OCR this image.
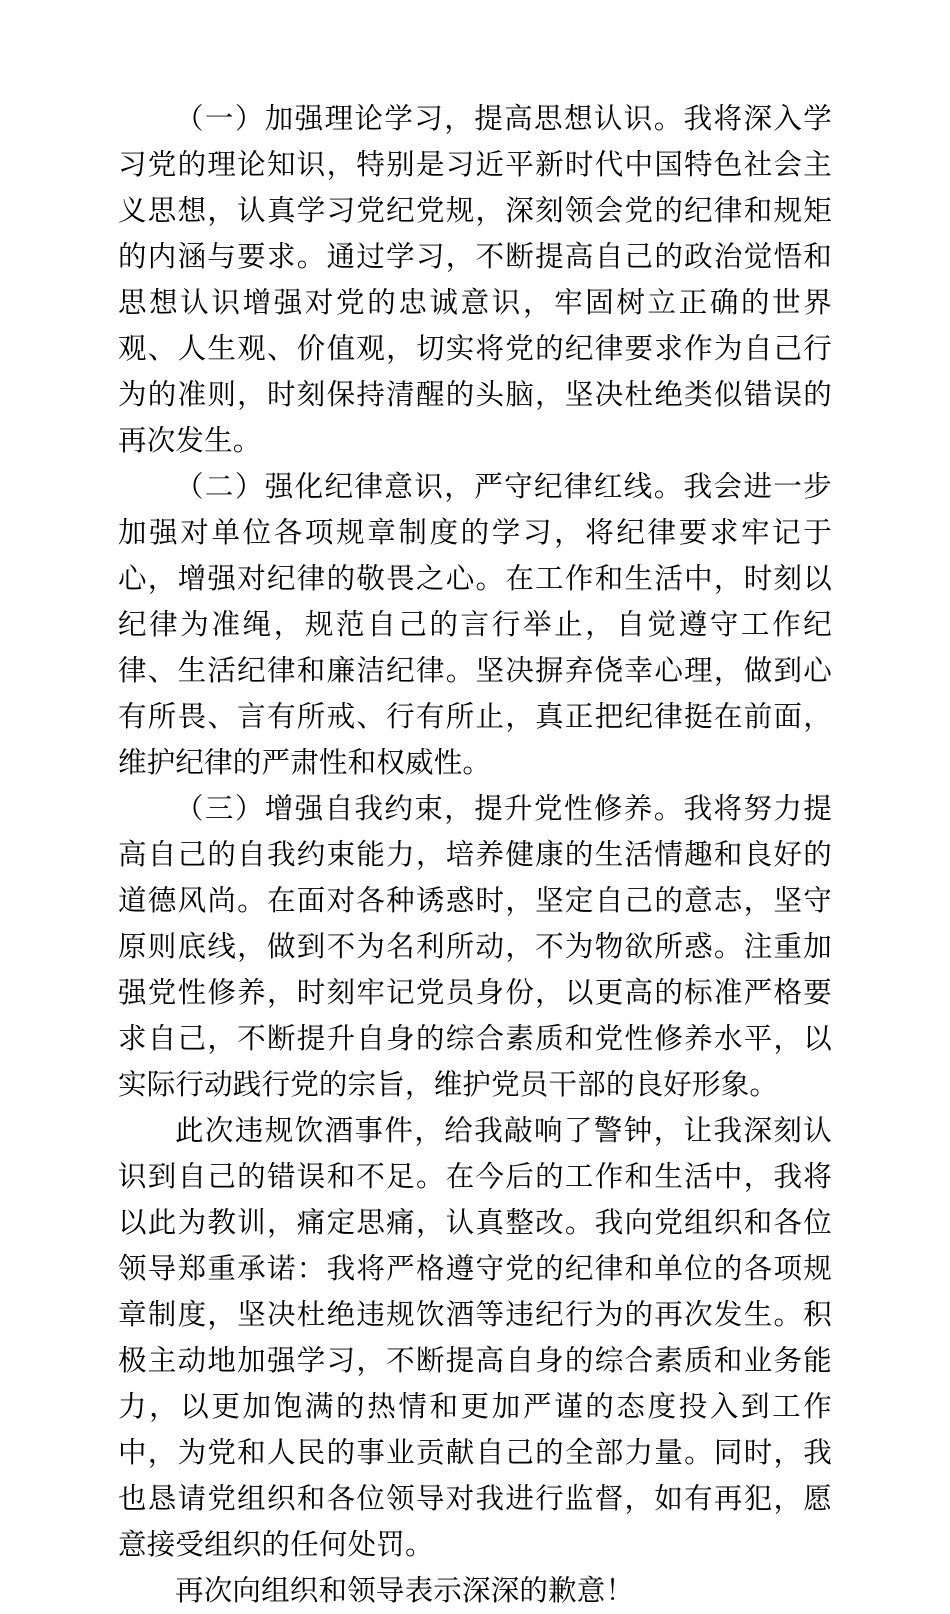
（一）加强理论学习，提高思想认识。我将深入学习党的理论知识，特别是习近平新时代中国特色社会主义思想，认真学习党纪党规，深刻领会党的纪律和规矩的内涵与要求。通过学习，不断提高自己的政治觉悟和思想认识增强对党的忠诚意识，牢固树立正确的世界观、人生观、价值观，切实将党的纪律要求作为自己行为的准则，时刻保持清醒的头脑，坚决杜绝类似错误的再次发生。

（二）强化纪律意识，严守纪律红线。我会进一步加强对单位各项规章制度的学习，将纪律要求牢记于心，增强对纪律的敬畏之心。在工作和生活中，时刻以纪律为准绳，规范自己的言行举止，自觉遵守工作纪律、生活纪律和廉洁纪律。坚决摒弃侥幸心理，做到心有所畏、言有所戒、行有所止，真正把纪律挺在前面，维护纪律的严肃性和权威性。

（三）增强自我约束，提升党性修养。我将努力提高自己的自我约束能力，培养健康的生活情趣和良好的道德风尚。在面对各种诱惑时，坚定自己的意志，坚守原则底线，做到不为名利所动，不为物欲所惑。注重加强党性修养，时刻牢记党员身份，以更高的标准严格要求自己，不断提升自身的综合素质和党性修养水平，以实际行动践行党的宗旨，维护党员干部的良好形象。

此次违规饮酒事件，给我敲响了警钟，让我深刻认识到自己的错误和不足。在今后的工作和生活中，我将以此为教训，痛定思痛，认真整改。我向党组织和各位领导郑重承诺：我将严格遵守党的纪律和单位的各项规章制度，坚决杜绝违规饮酒等违纪行为的再次发生。积极主动地加强学习，不断提高自身的综合素质和业务能力，以更加饱满的热情和更加严谨的态度投入到工作中，为党和人民的事业贡献自己的全部力量。同时，我也恳请党组织和各位领导对我进行监督，如有再犯，愿意接受组织的任何处罚。

再次向组织和领导表示深深的歉意！
